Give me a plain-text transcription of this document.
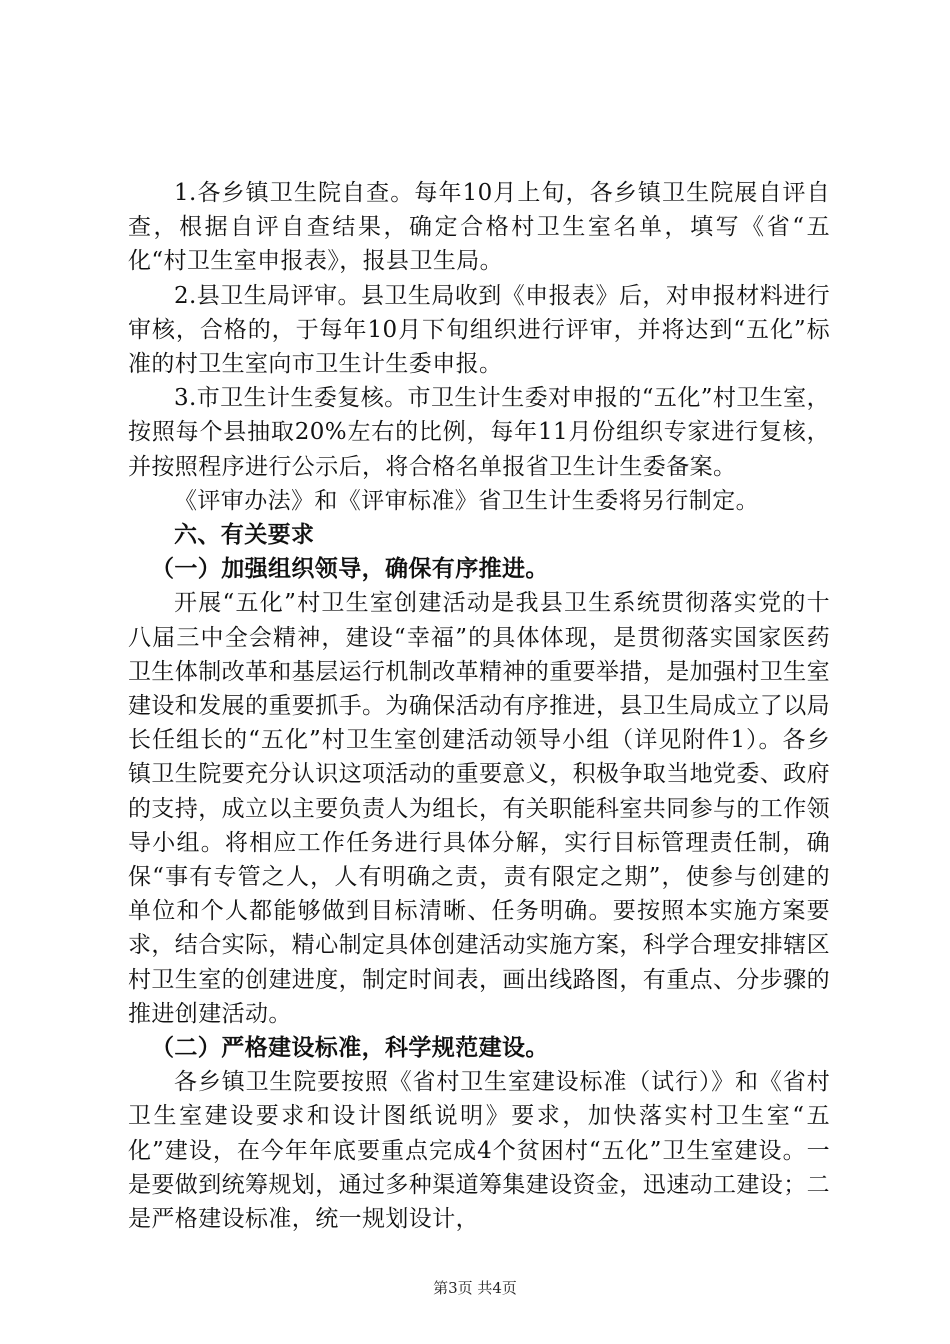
1.各乡镇卫生院自查。每年10月上旬，各乡镇卫生院展自评自查，根据自评自查结果，确定合格村卫生室名单，填写《省“五化“村卫生室申报表》，报县卫生局。

2.县卫生局评审。县卫生局收到《申报表》后，对申报材料进行审核，合格的，于每年10月下旬组织进行评审，并将达到“五化”标准的村卫生室向市卫生计生委申报。

3.市卫生计生委复核。市卫生计生委对申报的“五化”村卫生室，按照每个县抽取20%左右的比例，每年11月份组织专家进行复核，并按照程序进行公示后，将合格名单报省卫生计生委备案。

《评审办法》和《评审标准》省卫生计生委将另行制定。

六、有关要求

（一）加强组织领导，确保有序推进。

开展“五化”村卫生室创建活动是我县卫生系统贯彻落实党的十八届三中全会精神，建设“幸福”的具体体现，是贯彻落实国家医药卫生体制改革和基层运行机制改革精神的重要举措，是加强村卫生室建设和发展的重要抓手。为确保活动有序推进，县卫生局成立了以局长任组长的“五化”村卫生室创建活动领导小组（详见附件1）。各乡镇卫生院要充分认识这项活动的重要意义，积极争取当地党委、政府的支持，成立以主要负责人为组长，有关职能科室共同参与的工作领导小组。将相应工作任务进行具体分解，实行目标管理责任制，确保“事有专管之人，人有明确之责，责有限定之期”，使参与创建的单位和个人都能够做到目标清晰、任务明确。要按照本实施方案要求，结合实际，精心制定具体创建活动实施方案，科学合理安排辖区村卫生室的创建进度，制定时间表，画出线路图，有重点、分步骤的推进创建活动。

（二）严格建设标准，科学规范建设。

各乡镇卫生院要按照《省村卫生室建设标准（试行）》和《省村卫生室建设要求和设计图纸说明》要求，加快落实村卫生室“五化”建设，在今年年底要重点完成4个贫困村“五化”卫生室建设。一是要做到统筹规划，通过多种渠道筹集建设资金，迅速动工建设；二是严格建设标准，统一规划设计，

第3页 共4页
